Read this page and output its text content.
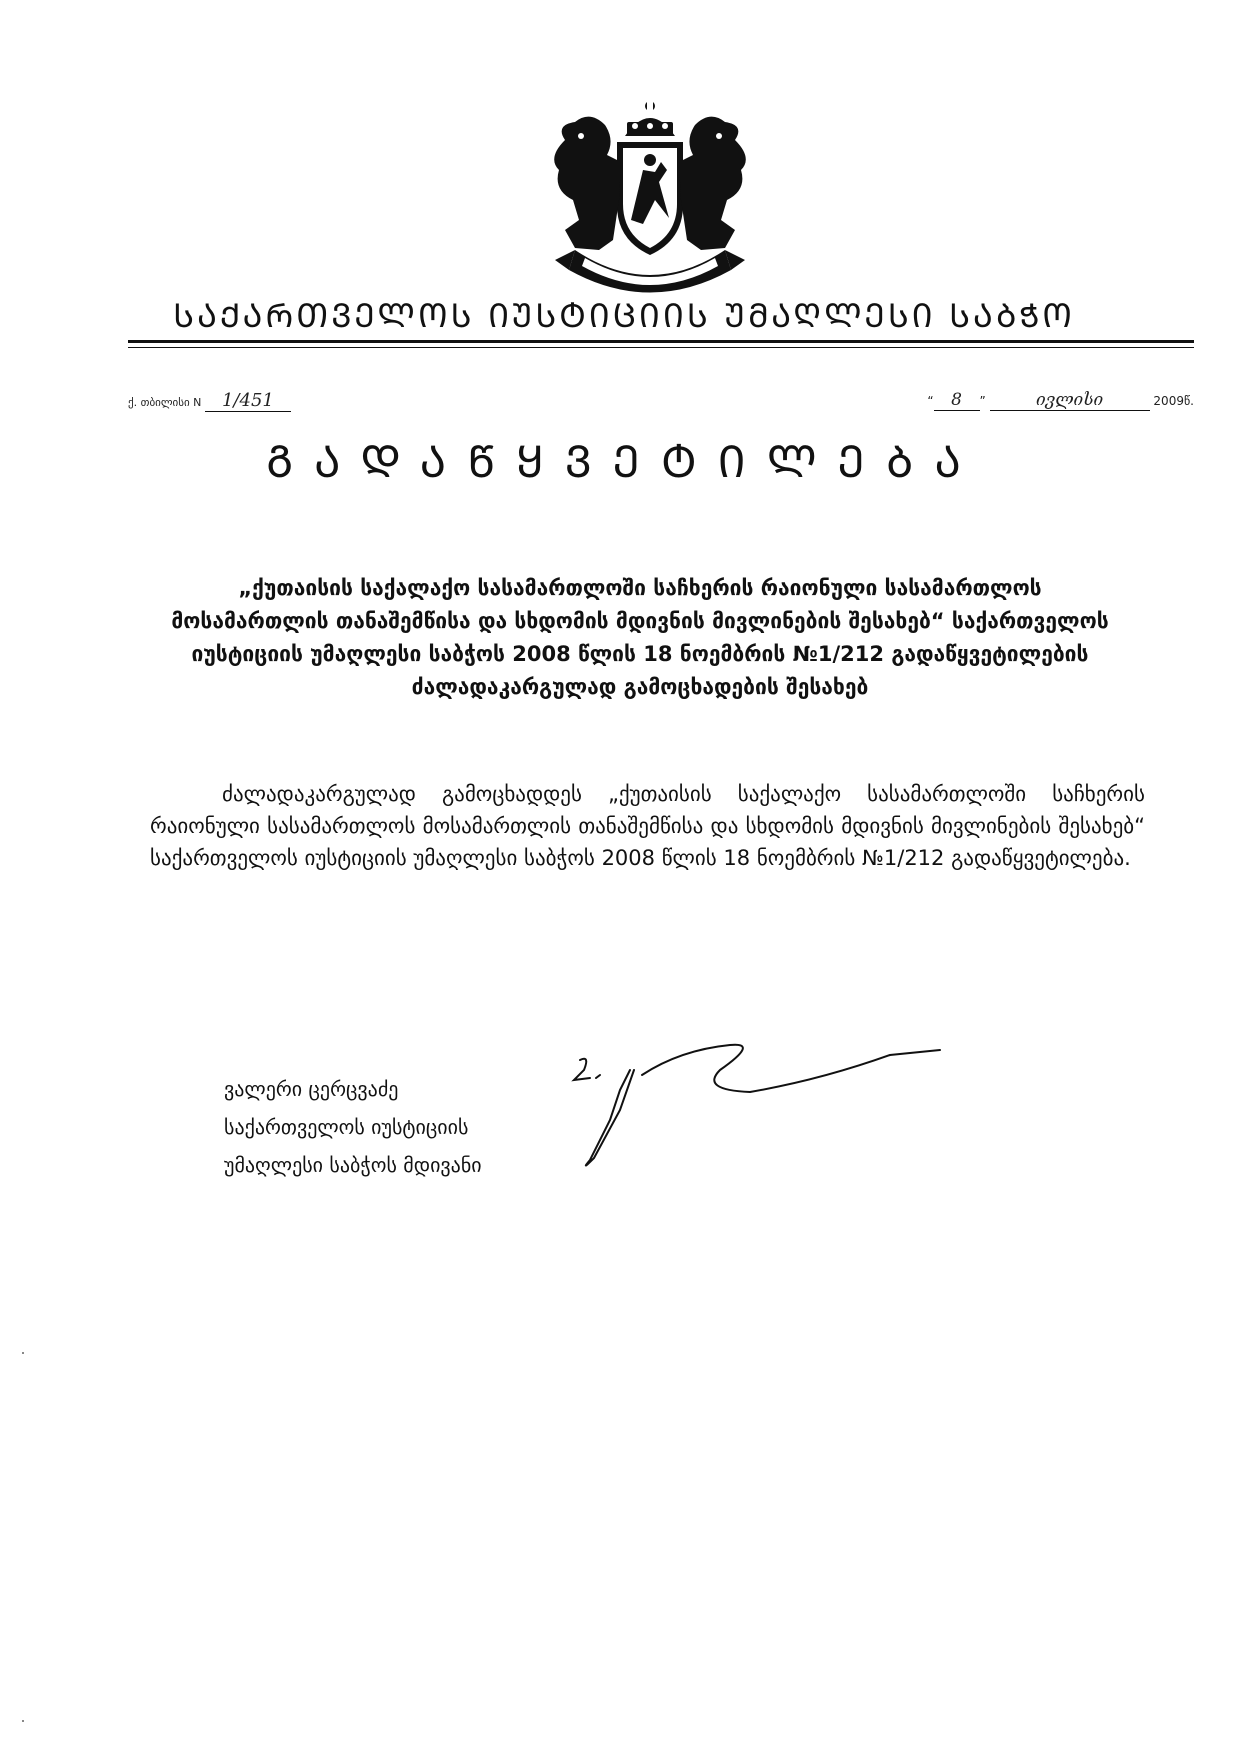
ᲡᲐᲥᲐᲠᲗᲕᲔᲚᲝᲡ ᲘᲣᲡᲢᲘᲪᲘᲘᲡ ᲣᲛᲐᲦᲚᲔᲡᲘ ᲡᲐᲑᲭᲝ
ქ. თბილისი N 1/451	“ 8 ”	ივლისი	2009წ.
ᲒᲐᲓᲐᲬᲧᲕᲔᲢᲘᲚᲔᲑᲐ
„ქუთაისის საქალაქო სასამართლოში საჩხერის რაიონული სასამართლოს მოსამართლის თანაშემწისა და სხდომის მდივნის მივლინების შესახებ“ საქართველოს იუსტიციის უმაღლესი საბჭოს 2008 წლის 18 ნოემბრის №1/212 გადაწყვეტილების ძალადაკარგულად გამოცხადების შესახებ
ძალადაკარგულად გამოცხადდეს „ქუთაისის საქალაქო სასამართლოში საჩხერის რაიონული სასამართლოს მოსამართლის თანაშემწისა და სხდომის მდივნის მივლინების შესახებ“ საქართველოს იუსტიციის უმაღლესი საბჭოს 2008 წლის 18 ნოემბრის №1/212 გადაწყვეტილება.
ვალერი ცერცვაძე
საქართველოს იუსტიციის
უმაღლესი საბჭოს მდივანი
